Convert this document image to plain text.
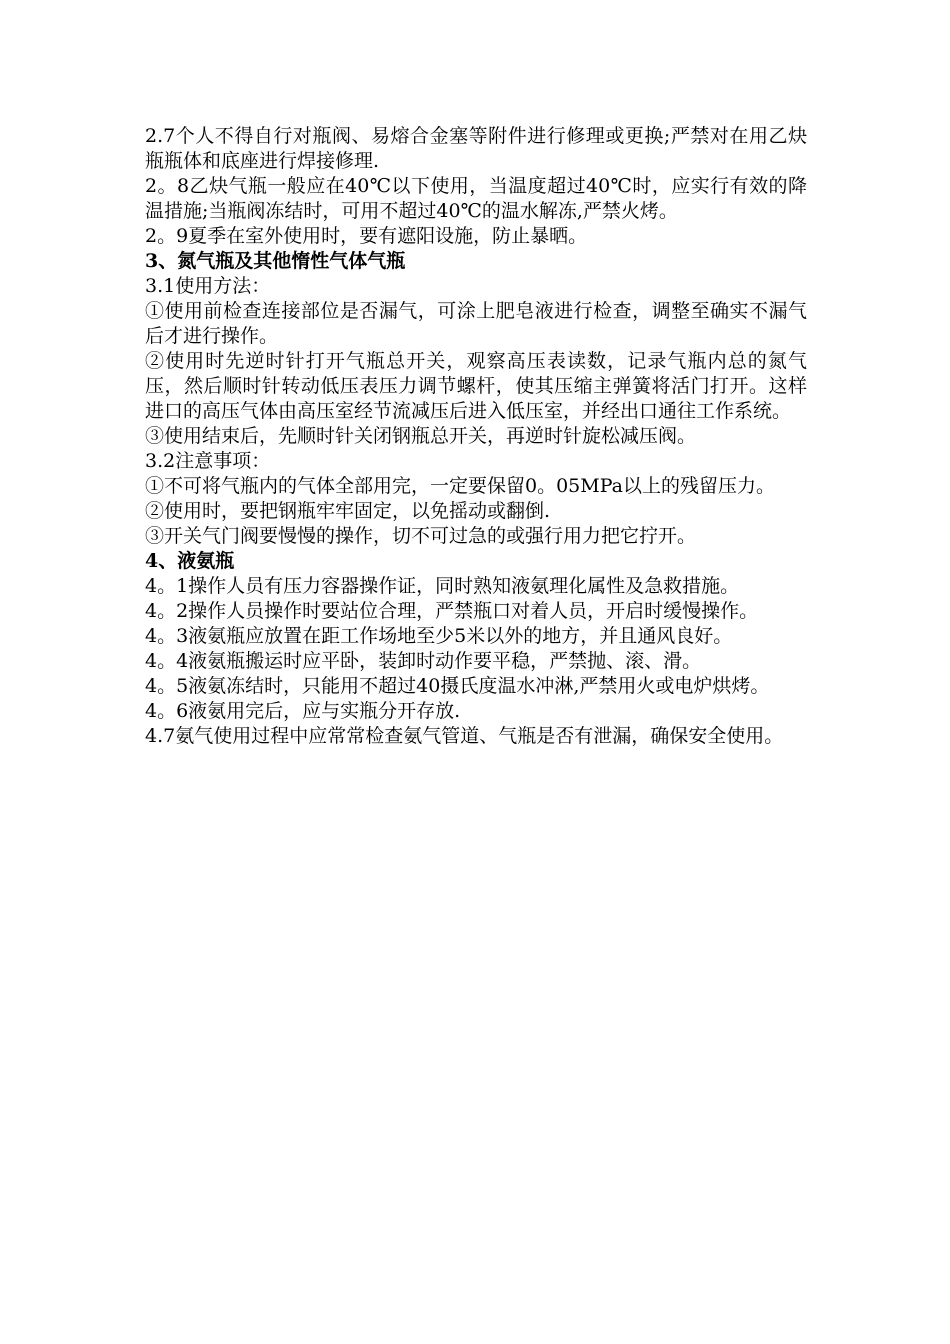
2.7个人不得自行对瓶阀、易熔合金塞等附件进行修理或更换;严禁对在用乙炔瓶瓶体和底座进行焊接修理.

2。8乙炔气瓶一般应在40℃以下使用，当温度超过40℃时，应实行有效的降温措施;当瓶阀冻结时，可用不超过40℃的温水解冻,严禁火烤。

2。9夏季在室外使用时，要有遮阳设施，防止暴晒。

3、氮气瓶及其他惰性气体气瓶

3.1使用方法：

①使用前检查连接部位是否漏气，可涂上肥皂液进行检查，调整至确实不漏气后才进行操作。

②使用时先逆时针打开气瓶总开关，观察高压表读数，记录气瓶内总的氮气压，然后顺时针转动低压表压力调节螺杆，使其压缩主弹簧将活门打开。这样进口的高压气体由高压室经节流减压后进入低压室，并经出口通往工作系统。

③使用结束后，先顺时针关闭钢瓶总开关，再逆时针旋松减压阀。

3.2注意事项：

①不可将气瓶内的气体全部用完，一定要保留0。05MPa以上的残留压力。

②使用时，要把钢瓶牢牢固定，以免摇动或翻倒.

③开关气门阀要慢慢的操作，切不可过急的或强行用力把它拧开。

4、液氨瓶

4。1操作人员有压力容器操作证，同时熟知液氨理化属性及急救措施。

4。2操作人员操作时要站位合理，严禁瓶口对着人员，开启时缓慢操作。

4。3液氨瓶应放置在距工作场地至少5米以外的地方，并且通风良好。

4。4液氨瓶搬运时应平卧，装卸时动作要平稳，严禁抛、滚、滑。

4。5液氨冻结时，只能用不超过40摄氏度温水冲淋,严禁用火或电炉烘烤。

4。6液氨用完后，应与实瓶分开存放.

4.7氨气使用过程中应常常检查氨气管道、气瓶是否有泄漏，确保安全使用。
